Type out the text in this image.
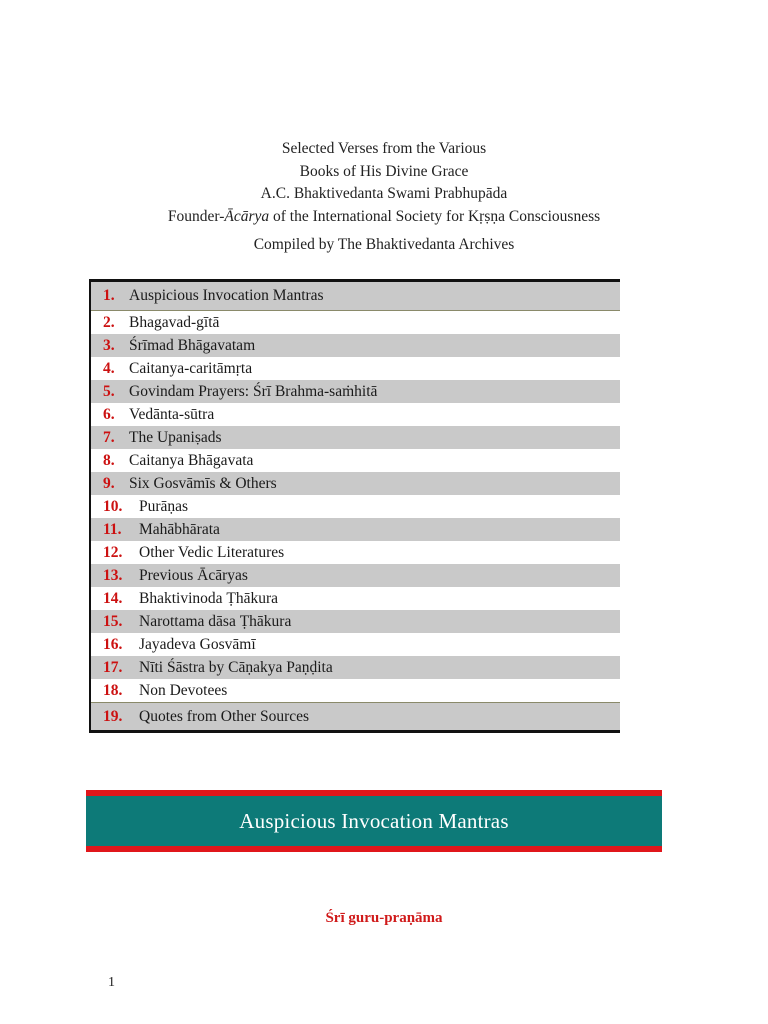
Selected Verses from the Various
Books of His Divine Grace
A.C. Bhaktivedanta Swami Prabhupāda
Founder-Ācārya of the International Society for Kṛṣṇa Consciousness
Compiled by The Bhaktivedanta Archives
1. Auspicious Invocation Mantras
2. Bhagavad-gītā
3. Śrīmad Bhāgavatam
4. Caitanya-caritāmṛta
5. Govindam Prayers: Śrī Brahma-saṁhitā
6. Vedānta-sūtra
7. The Upaniṣads
8. Caitanya Bhāgavata
9. Six Gosvāmīs & Others
10.	Purāṇas
11.	Mahābhārata
12.	Other Vedic Literatures
13.	Previous Ācāryas
14.	Bhaktivinoda Ṭhākura
15.	Narottama dāsa Ṭhākura
16.	Jayadeva Gosvāmī
17.	Nīti Śāstra by Cāṇakya Paṇḍita
18.	Non Devotees
19.	Quotes from Other Sources
Auspicious Invocation Mantras
Śrī guru-praṇāma
1
